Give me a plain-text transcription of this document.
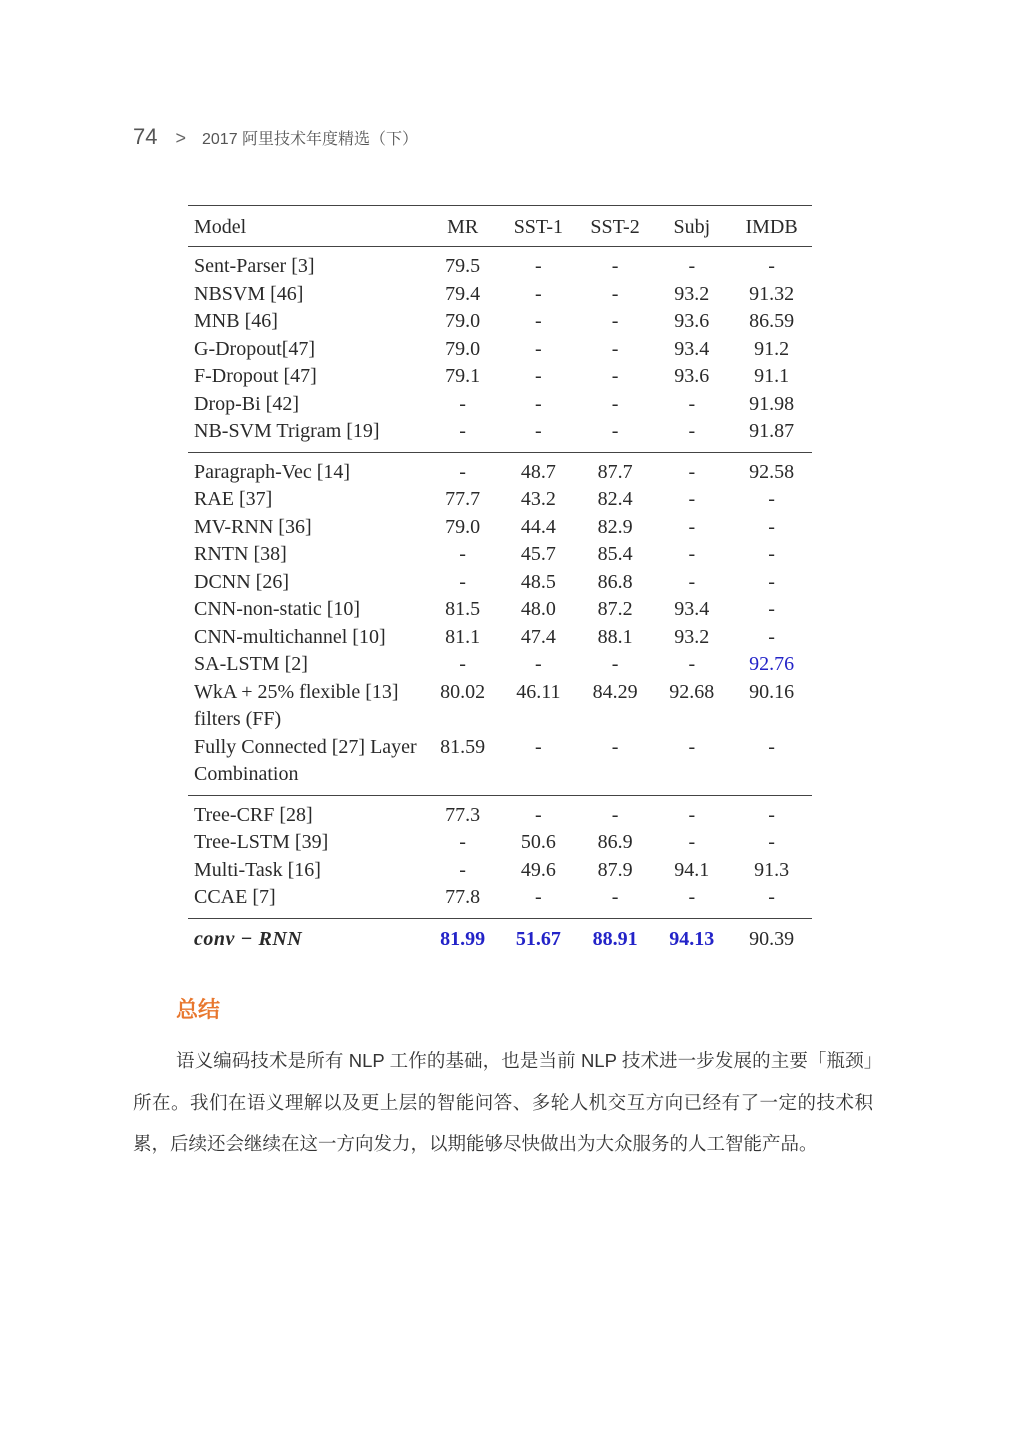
74 > 2017 阿里技术年度精选（下）
Model	MR	SST-1	SST-2	Subj	IMDB

Sent-Parser [3]	79.5	-	-	-	-

NBSVM [46]	79.4	-	-	93.2	91.32

MNB [46]	79.0	-	-	93.6	86.59

G-Dropout[47]	79.0	-	-	93.4	91.2

F-Dropout [47]	79.1	-	-	93.6	91.1

Drop-Bi [42]	-	-	-	-	91.98

NB-SVM Trigram [19]	-	-	-	-	91.87

Paragraph-Vec [14]	-	48.7	87.7	-	92.58

RAE [37]	77.7	43.2	82.4	-	-

MV-RNN [36]	79.0	44.4	82.9	-	-

RNTN [38]	-	45.7	85.4	-	-

DCNN [26]	-	48.5	86.8	-	-

CNN-non-static [10]	81.5	48.0	87.2	93.4	-

CNN-multichannel [10]	81.1	47.4	88.1	93.2	-

SA-LSTM [2]	-	-	-	-	92.76

WkA + 25% flexible [13] filters (FF)	80.02	46.11	84.29	92.68	90.16

Fully Connected [27] Layer Combination	81.59	-	-	-	-

Tree-CRF [28]	77.3	-	-	-	-

Tree-LSTM [39]	-	50.6	86.9	-	-

Multi-Task [16]	-	49.6	87.9	94.1	91.3

CCAE [7]	77.8	-	-	-	-
conv − RNN	81.99	51.67	88.91	94.13	90.39
总结

语义编码技术是所有 NLP 工作的基础，也是当前 NLP 技术进一步发展的主要「瓶颈」所在。我们在语义理解以及更上层的智能问答、多轮人机交互方向已经有了一定的技术积累，后续还会继续在这一方向发力，以期能够尽快做出为大众服务的人工智能产品。
